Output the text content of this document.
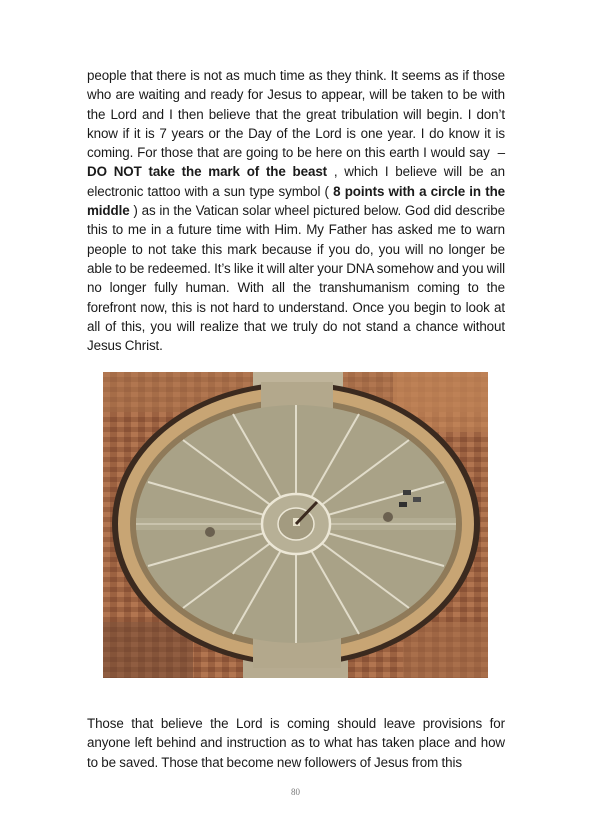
people that there is not as much time as they think. It seems as if those who are waiting and ready for Jesus to appear, will be taken to be with the Lord and I then believe that the great tribulation will begin. I don’t know if it is 7 years or the Day of the Lord is one year. I do know it is coming. For those that are going to be here on this earth I would say  – DO NOT take the mark of the beast , which I believe will be an electronic tattoo with a sun type symbol ( 8 points with a circle in the middle ) as in the Vatican solar wheel pictured below. God did describe this to me in a future time with Him. My Father has asked me to warn people to not take this mark because if you do, you will no longer be able to be redeemed. It’s like it will alter your DNA somehow and you will no longer fully human. With all the transhumanism coming to the forefront now, this is not hard to understand. Once you begin to look at all of this, you will realize that we truly do not stand a chance without Jesus Christ.

Those that believe the Lord is coming should leave provisions for anyone left behind and instruction as to what has taken place and how to be saved. Those that become new followers of Jesus from this

80
